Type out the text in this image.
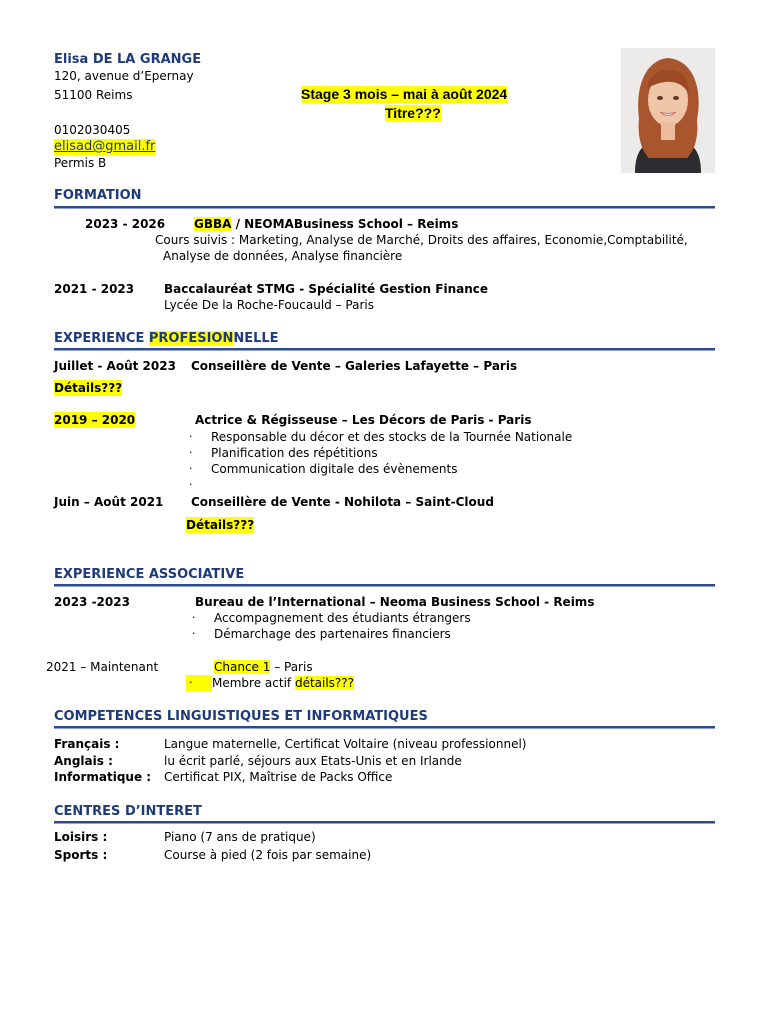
Elisa DE LA GRANGE
120, avenue d’Epernay
51100 Reims
0102030405
elisad@gmail.fr
Permis B
Stage 3 mois – mai à août 2024
Titre???
FORMATION
2023 - 2026 GBBA / NEOMABusiness School – Reims
Cours suivis : Marketing, Analyse de Marché, Droits des affaires, Economie,Comptabilité,
Analyse de données, Analyse financière
2021 - 2023 Baccalauréat STMG - Spécialité Gestion Finance
Lycée De la Roche-Foucauld – Paris
EXPERIENCE PROFESIONNELLE
Juillet - Août 2023 Conseillère de Vente – Galeries Lafayette – Paris
Détails???
2019 – 2020	Actrice & Régisseuse – Les Décors de Paris - Paris
· Responsable du décor et des stocks de la Tournée Nationale
· Planification des répétitions
· Communication digitale des évènements
·
Juin – Août 2021 Conseillère de Vente - Nohilota – Saint-Cloud
Détails???
EXPERIENCE ASSOCIATIVE
2023 -2023	Bureau de l’International – Neoma Business School - Reims
· Accompagnement des étudiants étrangers
· Démarchage des partenaires financiers
2021 – Maintenant	Chance 1 – Paris
· Membre actif détails???
COMPETENCES LINGUISTIQUES ET INFORMATIQUES
Français :	Langue maternelle, Certificat Voltaire (niveau professionnel)
Anglais :	lu écrit parlé, séjours aux Etats-Unis et en Irlande
Informatique : Certificat PIX, Maîtrise de Packs Office
CENTRES D’INTERET
Loisirs :	Piano (7 ans de pratique)
Sports :	Course à pied (2 fois par semaine)
